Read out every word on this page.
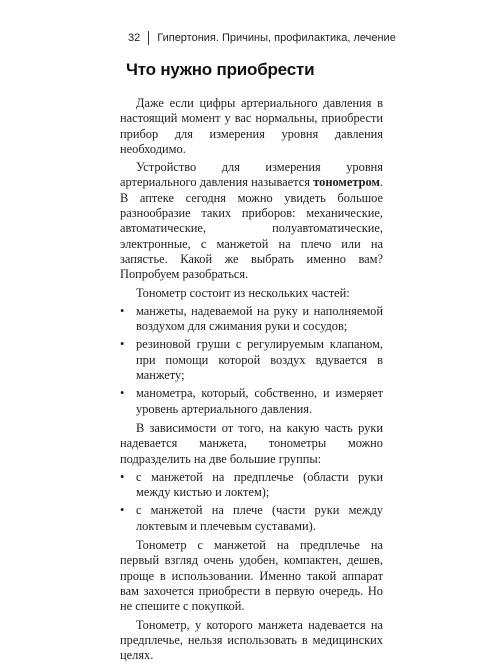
32 Гипертония. Причины, профилактика, лечение
Что нужно приобрести

Даже если цифры артериального давления в настоящий момент у вас нормальны, приобрести прибор для измерения уровня давления необходимо.

Устройство для измерения уровня артериального давления называется тонометром. В аптеке сегодня можно увидеть большое разнообразие таких приборов: механические, автоматические, полуавтоматические, электронные, с манжетой на плечо или на запястье. Какой же выбрать именно вам? Попробуем разобраться.

Тонометр состоит из нескольких частей:

• манжеты, надеваемой на руку и наполняемой воздухом для сжимания руки и сосудов;
• резиновой груши с регулируемым клапаном, при помощи которой воздух вдувается в манжету;
• манометра, который, собственно, и измеряет уровень артериального давления.

В зависимости от того, на какую часть руки надевается манжета, тонометры можно подразделить на две большие группы:

• с манжетой на предплечье (области руки между кистью и локтем);
• с манжетой на плече (части руки между локтевым и плечевым суставами).

Тонометр с манжетой на предплечье на первый взгляд очень удобен, компактен, дешев, проще в использовании. Именно такой аппарат вам захочется приобрести в первую очередь. Но не спешите с покупкой.

Тонометр, у которого манжета надевается на предплечье, нельзя использовать в медицинских целях.
